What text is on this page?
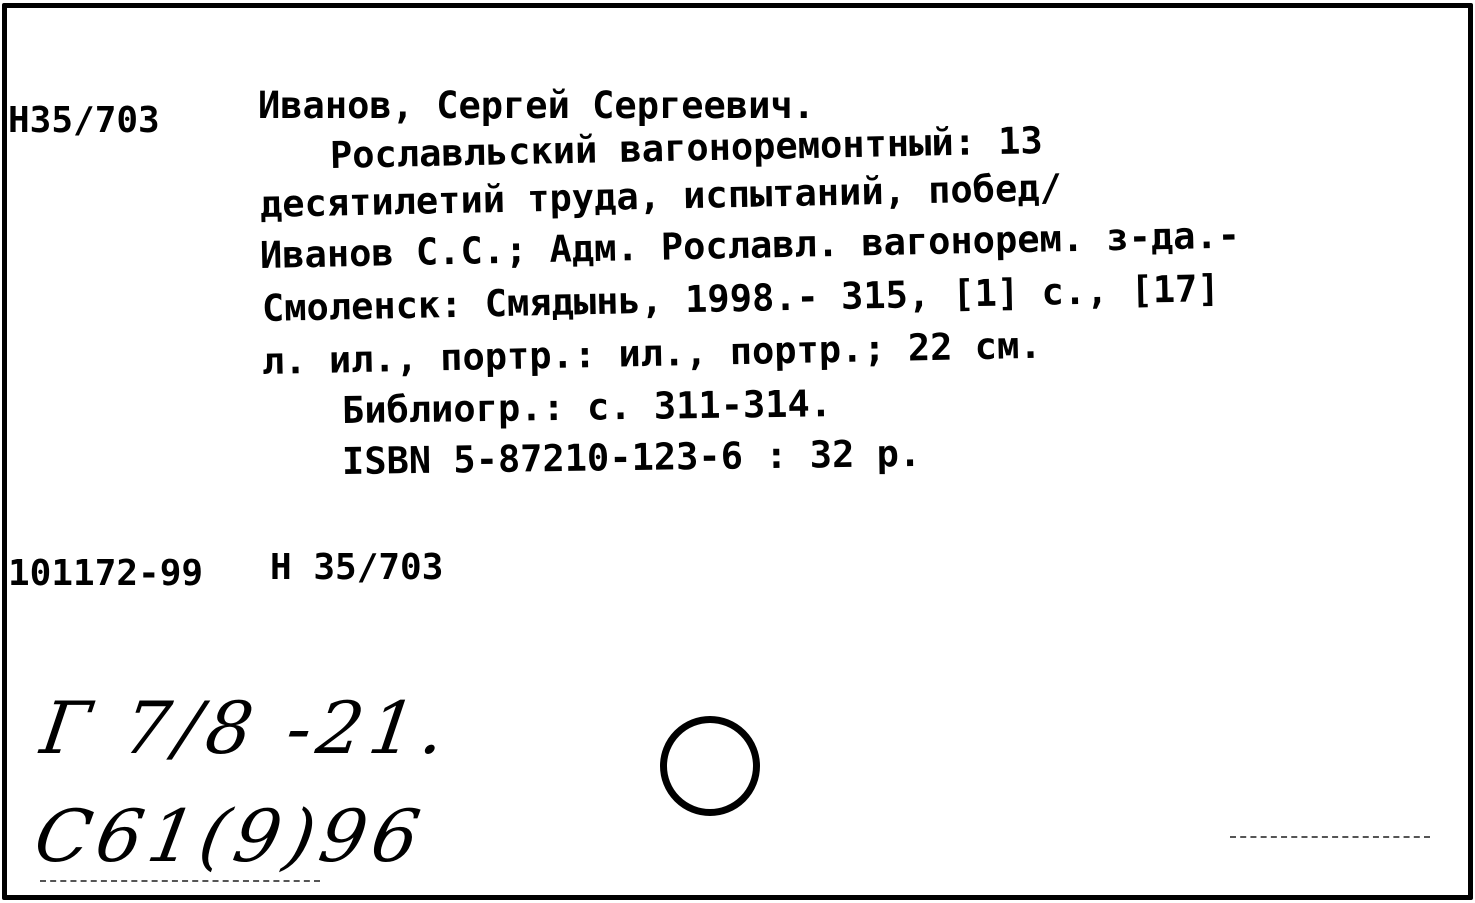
Н35/703	Иванов, Сергей Сергеевич.
Рославльский вагоноремонтный: 13
десятилетий труда, испытаний, побед/
Иванов С.С.; Адм. Рославл. вагонорем. з-да.-
Смоленск: Смядынь, 1998.- 315, [1] с., [17]
л. ил., портр.: ил., портр.; 22 см.
Библиогр.: с. 311-314.
ISBN 5-87210-123-6 : 32 р.
101172-99 Н 35/703
Г 7/8 -21.
С61(9)96
